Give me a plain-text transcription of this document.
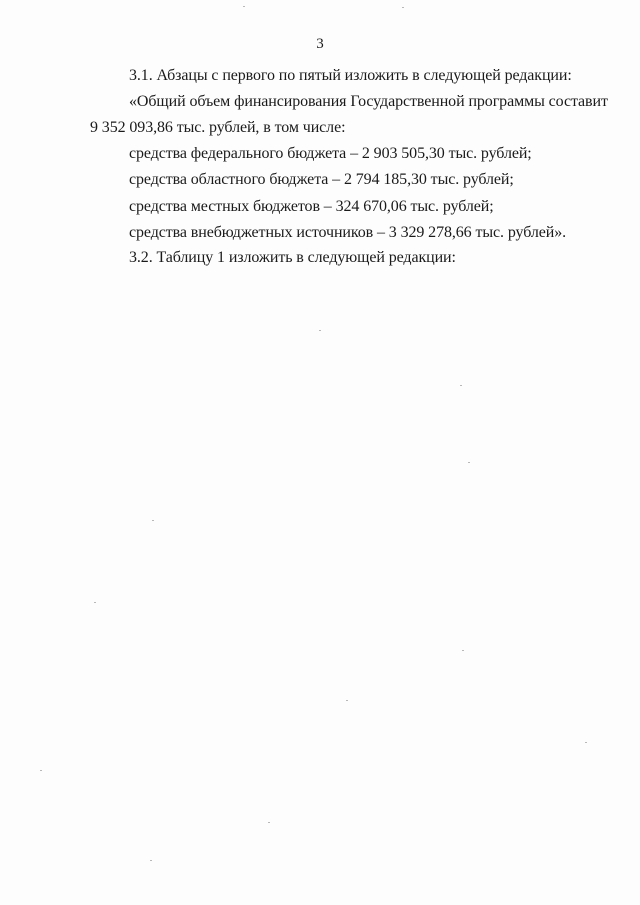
3
3.1. Абзацы с первого по пятый изложить в следующей редакции:
«Общий объем финансирования Государственной программы составит
9 352 093,86 тыс. рублей, в том числе:
средства федерального бюджета – 2 903 505,30 тыс. рублей;
средства областного бюджета – 2 794 185,30 тыс. рублей;
средства местных бюджетов – 324 670,06 тыс. рублей;
средства внебюджетных источников – 3 329 278,66 тыс. рублей».
3.2. Таблицу 1 изложить в следующей редакции:
